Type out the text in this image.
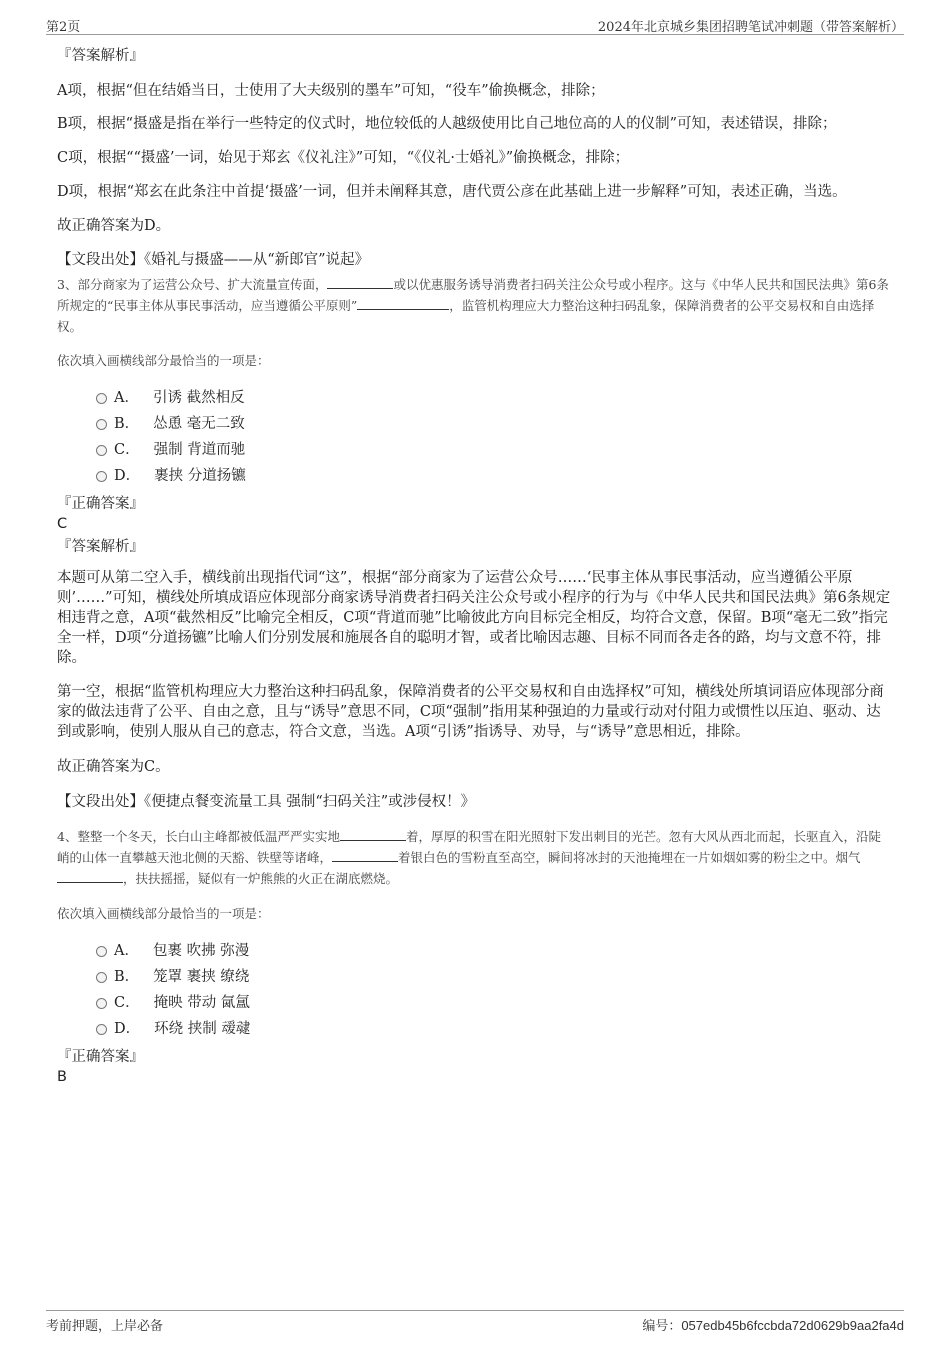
第2页	2024年北京城乡集团招聘笔试冲刺题（带答案解析）

『答案解析』

A项，根据“但在结婚当日，士使用了大夫级别的墨车”可知，“役车”偷换概念，排除；

B项，根据“摄盛是指在举行一些特定的仪式时，地位较低的人越级使用比自己地位高的人的仪制”可知，表述错误，排除；

C项，根据““摄盛’一词，始见于郑玄《仪礼注》”可知，“《仪礼·士婚礼》”偷换概念，排除；

D项，根据“郑玄在此条注中首提‘摄盛’一词，但并未阐释其意，唐代贾公彦在此基础上进一步解释”可知，表述正确，当选。

故正确答案为D。

【文段出处】《婚礼与摄盛——从“新郎官”说起》

3、部分商家为了运营公众号、扩大流量宣传面，	或以优惠服务诱导消费者扫码关注公众号或小程序。这与《中华人民共和国民法典》第6条所规定的“民事主体从事民事活动，应当遵循公平原则”	，监管机构理应大力整治这种扫码乱象，保障消费者的公平交易权和自由选择权。

依次填入画横线部分最恰当的一项是：

A． 引诱 截然相反
B． 怂恿 毫无二致
C． 强制 背道而驰
D． 裹挟 分道扬镳

『正确答案』

C

『答案解析』

本题可从第二空入手，横线前出现指代词“这”，根据“部分商家为了运营公众号……‘民事主体从事民事活动，应当遵循公平原则’……”可知，横线处所填成语应体现部分商家诱导消费者扫码关注公众号或小程序的行为与《中华人民共和国民法典》第6条规定相违背之意，A项“截然相反”比喻完全相反，C项“背道而驰”比喻彼此方向目标完全相反，均符合文意，保留。B项“毫无二致”指完全一样，D项“分道扬镳”比喻人们分别发展和施展各自的聪明才智，或者比喻因志趣、目标不同而各走各的路，均与文意不符，排除。

第一空，根据“监管机构理应大力整治这种扫码乱象，保障消费者的公平交易权和自由选择权”可知，横线处所填词语应体现部分商家的做法违背了公平、自由之意，且与“诱导”意思不同，C项“强制”指用某种强迫的力量或行动对付阻力或惯性以压迫、驱动、达到或影响，使别人服从自己的意志，符合文意，当选。A项“引诱”指诱导、劝导，与“诱导”意思相近，排除。

故正确答案为C。

【文段出处】《便捷点餐变流量工具 强制“扫码关注”或涉侵权！》

4、整整一个冬天，长白山主峰都被低温严严实实地	着，厚厚的积雪在阳光照射下发出刺目的光芒。忽有大风从西北而起，长驱直入，沿陡峭的山体一直攀越天池北侧的天豁、铁壁等诸峰，	着银白色的雪粉直至高空，瞬间将冰封的天池掩埋在一片如烟如雾的粉尘之中。烟气，扶扶摇摇，疑似有一炉熊熊的火正在湖底燃烧。

依次填入画横线部分最恰当的一项是：

A． 包裹 吹拂 弥漫
B． 笼罩 裹挟 缭绕
C． 掩映 带动 氤氲
D． 环绕 挟制 叆叇

『正确答案』

B

考前押题，上岸必备	编号：057edb45b6fccbda72d0629b9aa2fa4d
